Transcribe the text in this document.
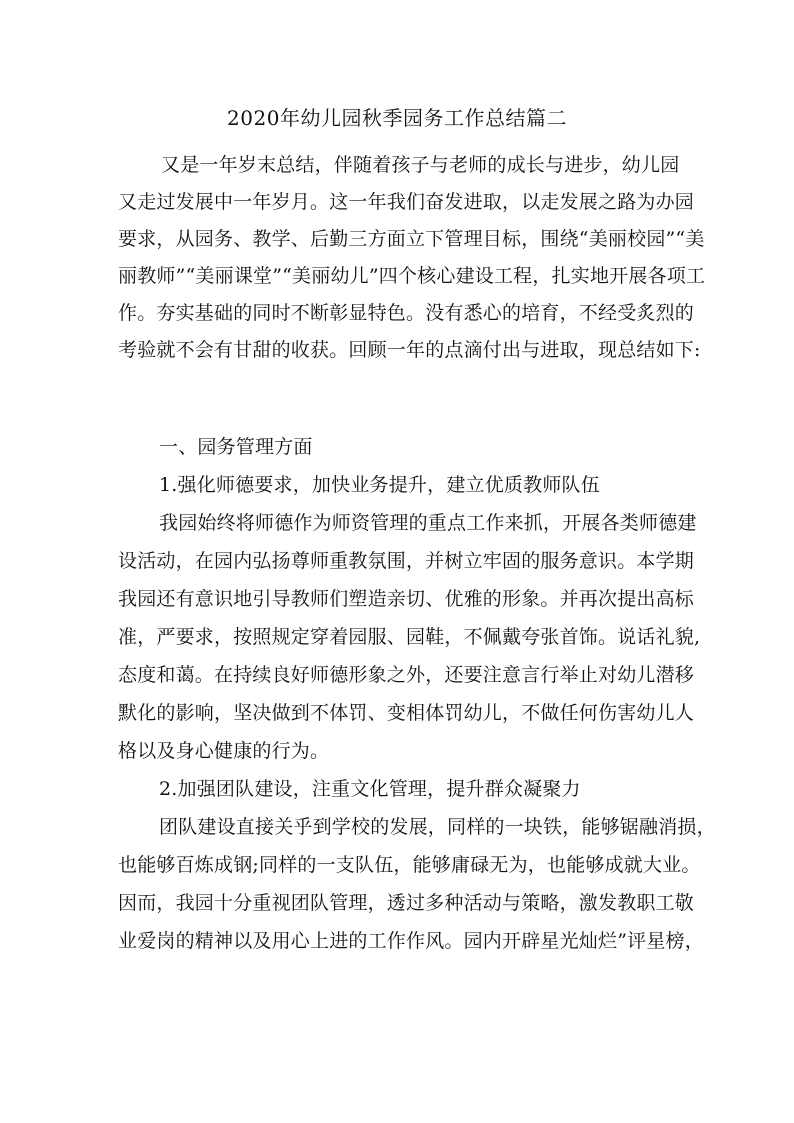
2020年幼儿园秋季园务工作总结篇二
又是一年岁末总结，伴随着孩子与老师的成长与进步，幼儿园
又走过发展中一年岁月。这一年我们奋发进取，以走发展之路为办园
要求，从园务、教学、后勤三方面立下管理目标，围绕“美丽校园”“美
丽教师”“美丽课堂”“美丽幼儿”四个核心建设工程，扎实地开展各项工
作。夯实基础的同时不断彰显特色。没有悉心的培育，不经受炙烈的
考验就不会有甘甜的收获。回顾一年的点滴付出与进取，现总结如下:
一、园务管理方面
1.强化师德要求，加快业务提升，建立优质教师队伍
我园始终将师德作为师资管理的重点工作来抓，开展各类师德建
设活动，在园内弘扬尊师重教氛围，并树立牢固的服务意识。本学期
我园还有意识地引导教师们塑造亲切、优雅的形象。并再次提出高标
准，严要求，按照规定穿着园服、园鞋，不佩戴夸张首饰。说话礼貌,
态度和蔼。在持续良好师德形象之外，还要注意言行举止对幼儿潜移
默化的影响，坚决做到不体罚、变相体罚幼儿，不做任何伤害幼儿人
格以及身心健康的行为。
2.加强团队建设，注重文化管理，提升群众凝聚力
团队建设直接关乎到学校的发展，同样的一块铁，能够锯融消损，
也能够百炼成钢;同样的一支队伍，能够庸碌无为，也能够成就大业。
因而，我园十分重视团队管理，透过多种活动与策略，激发教职工敬
业爱岗的精神以及用心上进的工作作风。园内开辟星光灿烂”评星榜，
